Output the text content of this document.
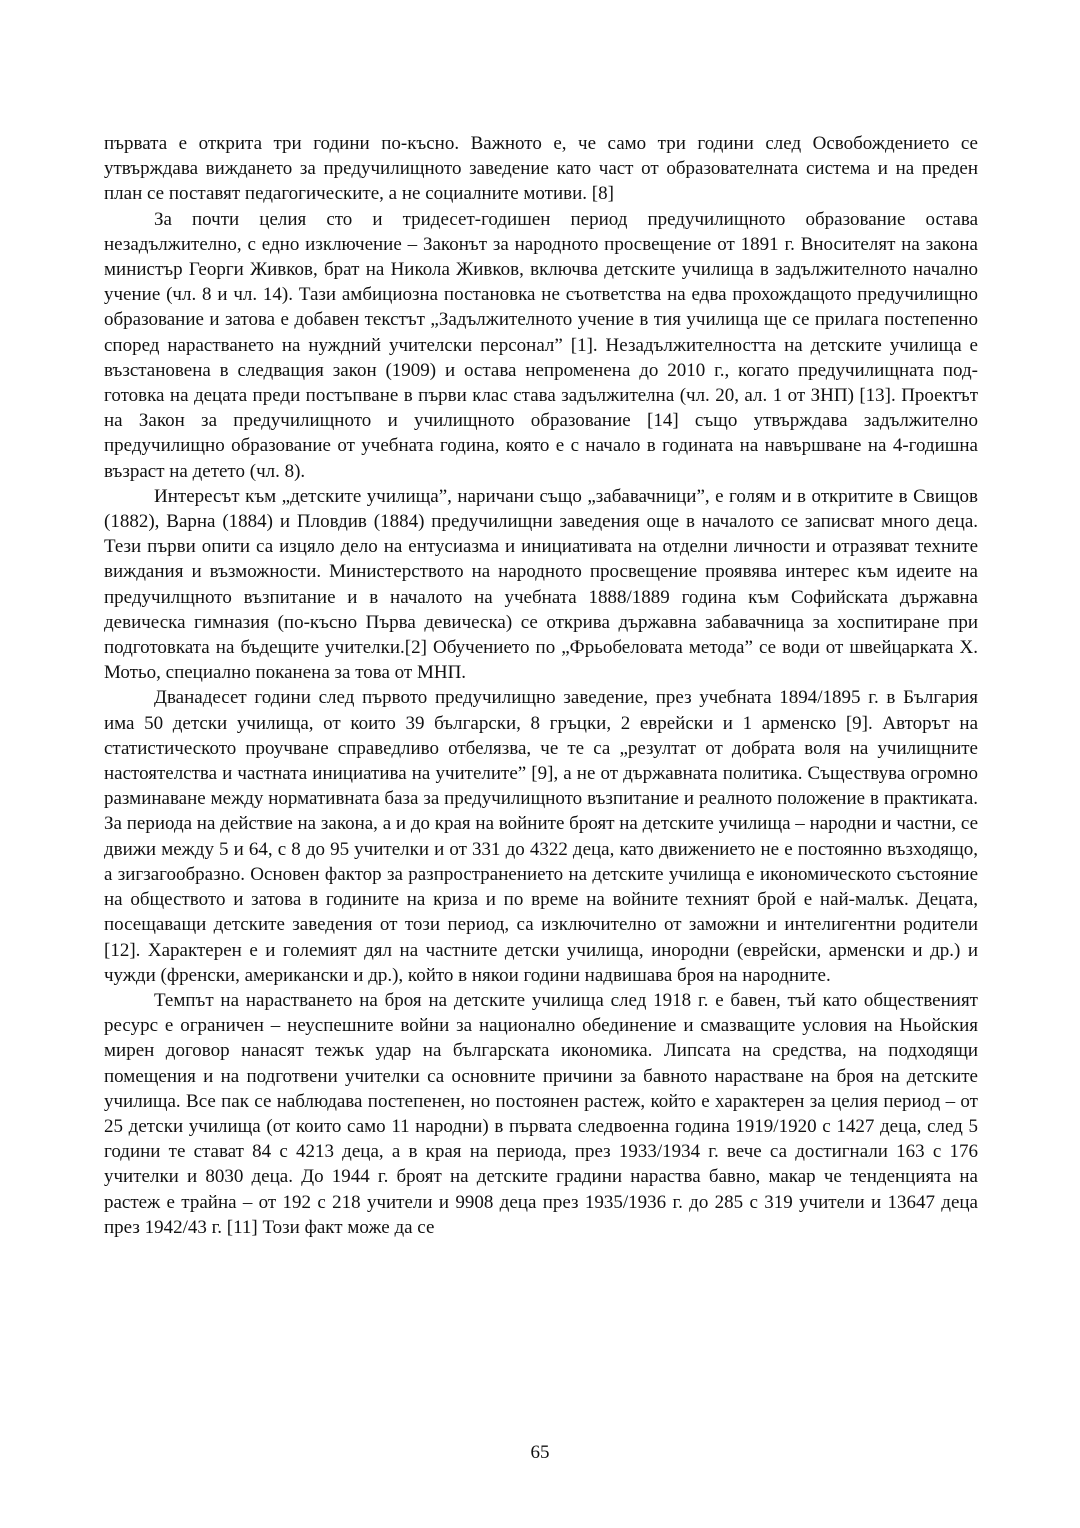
първата е открита три години по-късно. Важното е, че само три години след Освобождението се утвърждава виждането за предучилищното заведение като част от образователната система и на преден план се поставят педагогическите, а не социалните мотиви. [8]

За почти целия сто и тридесет-годишен период предучилищното образование остава незадължително, с едно изключение – Законът за народното просвещение от 1891 г. Вносителят на закона министър Георги Живков, брат на Никола Живков, включва детските училища в задължителното начално учение (чл. 8 и чл. 14). Тази амбициозна постановка не съответства на едва прохождащото предучилищно образование и затова е добавен текстът „Задължителното учение в тия училища ще се прилага постепенно според нарастването на нуждний учителски персонал” [1]. Незадължителността на детските училища е възстановена в следващия закон (1909) и остава непроменена до 2010 г., когато предучилищната подготовка на децата преди постъпване в първи клас става задължителна (чл. 20, ал. 1 от ЗНП) [13]. Проектът на Закон за предучилищното и училищното образование [14] също утвърждава задължително предучилищно образование от учебната година, която е с начало в годината на навършване на 4-годишна възраст на детето (чл. 8).

Интересът към „детските училища”, наричани също „забавачници”, е голям и в откритите в Свищов (1882), Варна (1884) и Пловдив (1884) предучилищни заведения още в началото се записват много деца. Тези първи опити са изцяло дело на ентусиазма и инициативата на отделни личности и отразяват техните виждания и възможности. Министерството на народното просвещение проявява интерес към идеите на предучилщното възпитание и в началото на учебната 1888/1889 година към Софийската държавна девическа гимназия (по-късно Първа девическа) се открива държавна забавачница за хоспитиране при подготовката на бъдещите учителки.[2] Обучението по „Фрьобеловата метода” се води от швейцарката Х. Мотьо, специално поканена за това от МНП.

Дванадесет години след първото предучилищно заведение, през учебната 1894/1895 г. в България има 50 детски училища, от които 39 български, 8 гръцки, 2 еврейски и 1 арменско [9]. Авторът на статистическото проучване справедливо отбелязва, че те са „резултат от добрата воля на училищните настоятелства и частната инициатива на учителите” [9], а не от държавната политика. Съществува огромно разминаване между нормативната база за предучилищното възпитание и реалното положение в практиката. За периода на действие на закона, а и до края на войните броят на детските училища – народни и частни, се движи между 5 и 64, с 8 до 95 учителки и от 331 до 4322 деца, като движението не е постоянно възходящо, а зигзагообразно. Основен фактор за разпространението на детските училища е икономическото състояние на обществото и затова в годините на криза и по време на войните техният брой е най-малък. Децата, посещаващи детските заведения от този период, са изключително от заможни и интелигентни родители [12]. Характерен е и големият дял на частните детски училища, инородни (еврейски, арменски и др.) и чужди (френски, американски и др.), който в някои години надвишава броя на народните.

Темпът на нарастването на броя на детските училища след 1918 г. е бавен, тъй като общественият ресурс е ограничен – неуспешните войни за национално обединение и смазващите условия на Ньойския мирен договор нанасят тежък удар на българската икономика. Липсата на средства, на подходящи помещения и на подготвени учителки са основните причини за бавното нарастване на броя на детските училища. Все пак се наблюдава постепенен, но постоянен растеж, който е характерен за целия период – от 25 детски училища (от които само 11 народни) в първата следвоенна година 1919/1920 с 1427 деца, след 5 години те стават 84 с 4213 деца, а в края на периода, през 1933/1934 г. вече са достигнали 163 с 176 учителки и 8030 деца. До 1944 г. броят на детските градини нараства бавно, макар че тенденцията на растеж е трайна – от 192 с 218 учители и 9908 деца през 1935/1936 г. до 285 с 319 учители и 13647 деца през 1942/43 г. [11] Този факт може да се

65
